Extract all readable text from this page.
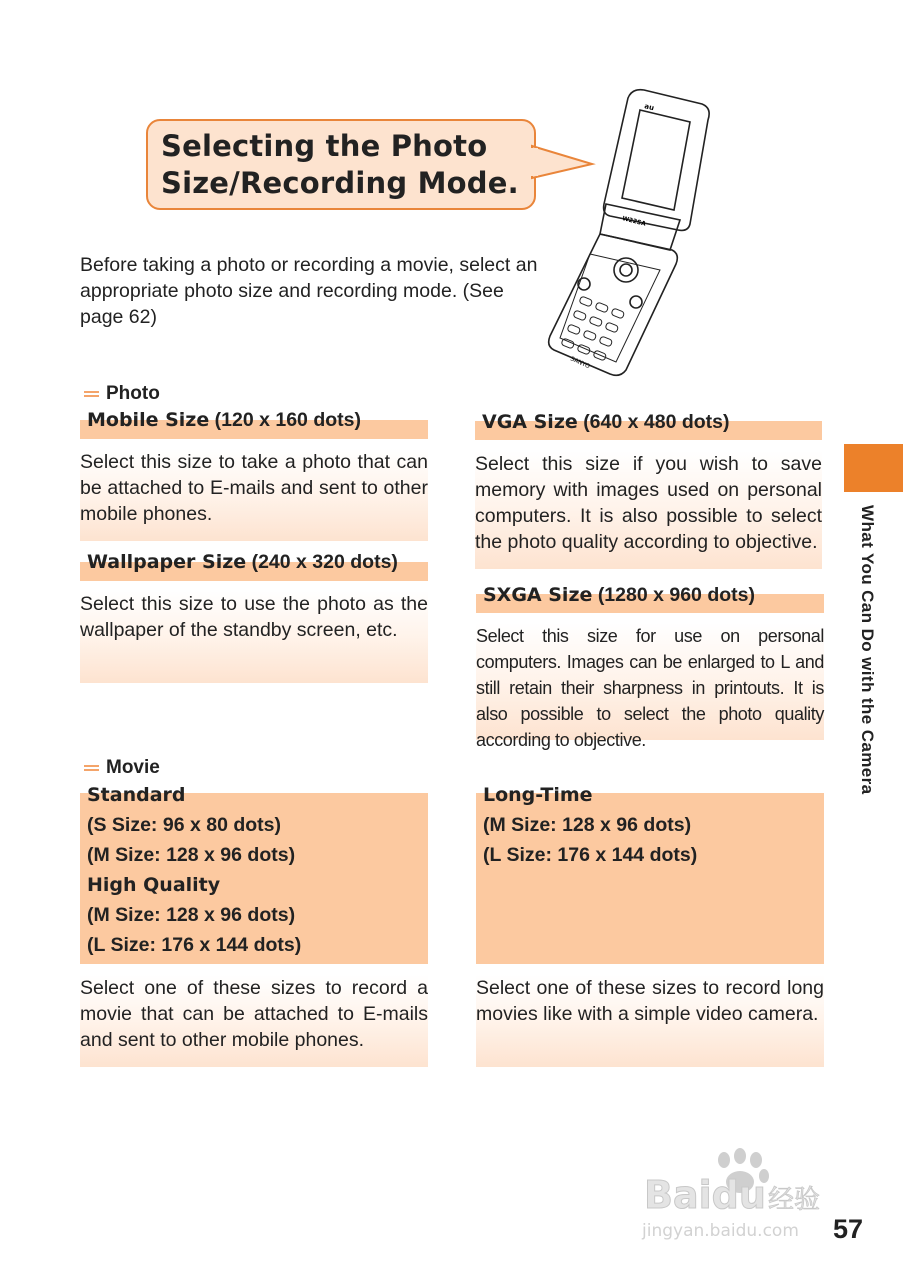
Selecting the Photo
Size/Recording Mode.
Before taking a photo or recording a movie, select an appropriate photo size and recording mode. (See page 62)
au
W22SA
SANYO
Photo
Mobile Size (120 x 160 dots)
Select this size to take a photo that can be attached to E-mails and sent to other mobile phones.
Wallpaper Size (240 x 320 dots)
Select this size to use the photo as the wallpaper of the standby screen, etc.
VGA Size (640 x 480 dots)
Select this size if you wish to save memory with images used on personal computers. It is also possible to select the photo quality according to objective.
SXGA Size (1280 x 960 dots)
Select this size for use on personal computers. Images can be enlarged to L and still retain their sharpness in printouts. It is also possible to select the photo quality according to objective.
Movie
Standard
(S Size: 96 x 80 dots)
(M Size: 128 x 96 dots)
High Quality
(M Size: 128 x 96 dots)
(L Size: 176 x 144 dots)
Select one of these sizes to record a movie that can be attached to E-mails and sent to other mobile phones.
Long-Time
(M Size: 128 x 96 dots)
(L Size: 176 x 144 dots)
Select one of these sizes to record long movies like with a simple video camera.
What You Can Do with the Camera
Baidu 经验
jingyan.baidu.com 57
